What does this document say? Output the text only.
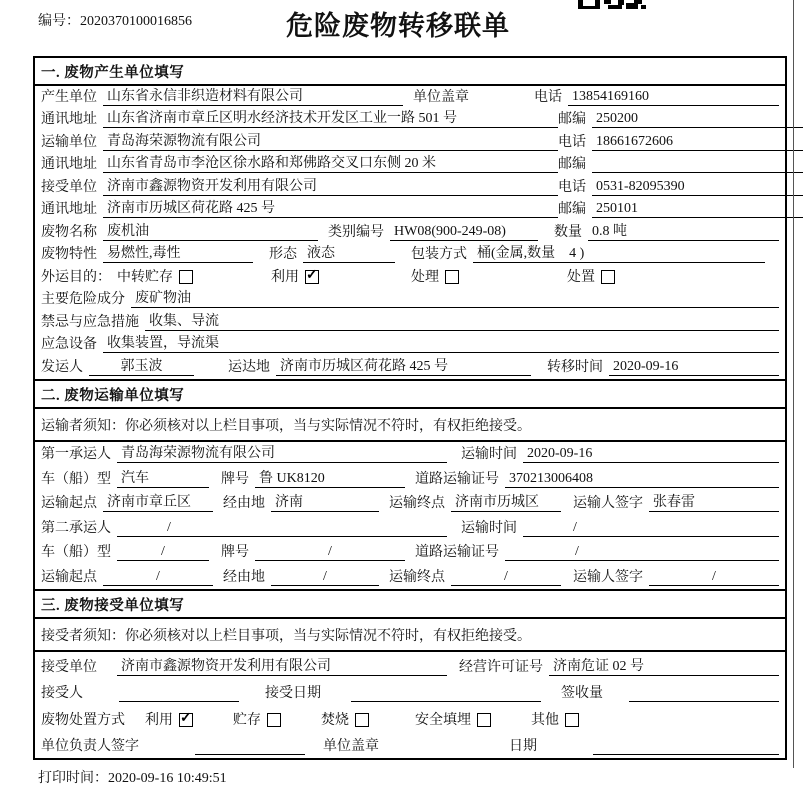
编号：2020370100016856	危险废物转移联单
一. 废物产生单位填写
产生单位 山东省永信非织造材料有限公司	单位盖章	电话 13854169160
通讯地址 山东省济南市章丘区明水经济技术开发区工业一路 501 号	邮编 250200
运输单位 青岛海荣源物流有限公司	电话 18661672606
通讯地址 山东省青岛市李沧区徐水路和郑佛路交叉口东侧 20 米	邮编
接受单位 济南市鑫源物资开发利用有限公司	电话 0531-82095390
通讯地址 济南市历城区荷花路 425 号	邮编 250101
废物名称 废机油	类别编号 HW08(900-249-08)	数量 0.8 吨
废物特性 易燃性,毒性	形态 液态	包装方式 桶(金属,数量　4 )
外运目的： 中转贮存	利用 ✓	处理	处置
主要危险成分 废矿物油
禁忌与应急措施 收集、导流
应急设备 收集装置，导流渠
发运人	郭玉波	运达地 济南市历城区荷花路 425 号	转移时间 2020-09-16
二. 废物运输单位填写
运输者须知：你必须核对以上栏目事项，当与实际情况不符时，有权拒绝接受。
第一承运人 青岛海荣源物流有限公司	运输时间 2020-09-16
车（船）型 汽车	牌号 鲁 UK8120	道路运输证号 370213006408
运输起点 济南市章丘区	经由地 济南	运输终点 济南市历城区	运输人签字 张春雷
第二承运人	/	运输时间	/
车（船）型	/	牌号	/	道路运输证号	/
运输起点	/	经由地	/	运输终点	/	运输人签字	/
三. 废物接受单位填写
接受者须知：你必须核对以上栏目事项，当与实际情况不符时，有权拒绝接受。
接受单位	济南市鑫源物资开发利用有限公司	经营许可证号 济南危证 02 号
接受人	接受日期	签收量
废物处置方式	利用 ✓	贮存	焚烧	安全填埋	其他
单位负责人签字	单位盖章	日期
打印时间：2020-09-16 10:49:51
